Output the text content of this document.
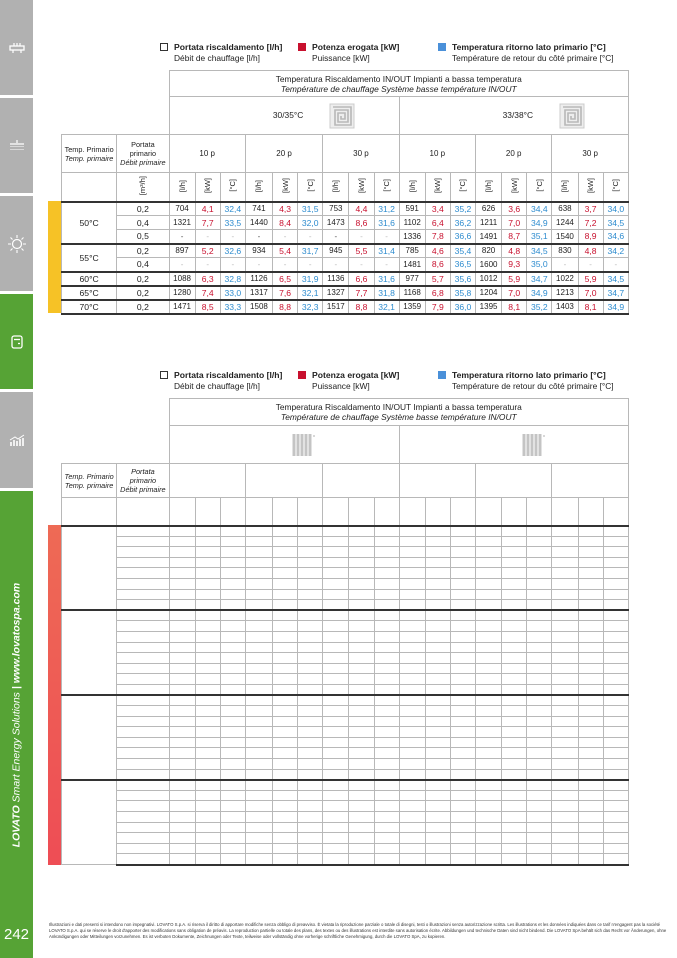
LOVATO Smart Energy Solutions | www.lovatospa.com
242
Portata riscaldamento [l/h]
Débit de chauffage [l/h]
Potenza erogata [kW]
Puissance [kW]
Temperatura ritorno lato primario [°C]
Température de retour du côté primaire [°C]
		Temperatura Riscaldamento IN/OUT Impianti a bassa temperatura
Température de chauffage Système basse température IN/OUT																	

		30/35°C									33/38°C								
Temp. Primario
Temp. primaire	Portata primario
Débit primaire	10 p			20 p			30 p			10 p			20 p			30 p		
	[m³/h]	[l/h]	[kW]	[°C]	[l/h]	[kW]	[°C]	[l/h]	[kW]	[°C]	[l/h]	[kW]	[°C]	[l/h]	[kW]	[°C]	[l/h]	[kW]	[°C]
50°C	0,2	704	4,1	32,4	741	4,3	31,5	753	4,4	31,2	591	3,4	35,2	626	3,6	34,4	638	3,7	34,0
	0,4	1321	7,7	33,5	1440	8,4	32,0	1473	8,6	31,6	1102	6,4	36,2	1211	7,0	34,9	1244	7,2	34,5
	0,5	-	-	-	-	-	-	-	-	-	1336	7,8	36,6	1491	8,7	35,1	1540	8,9	34,6
55°C	0,2	897	5,2	32,6	934	5,4	31,7	945	5,5	31,4	785	4,6	35,4	820	4,8	34,5	830	4,8	34,2
	0,4	-	-	-	-	-	-	-	-	-	1481	8,6	36,5	1600	9,3	35,0	-	-	-
60°C	0,2	1088	6,3	32,8	1126	6,5	31,9	1136	6,6	31,6	977	5,7	35,6	1012	5,9	34,7	1022	5,9	34,5
65°C	0,2	1280	7,4	33,0	1317	7,6	32,1	1327	7,7	31,8	1168	6,8	35,8	1204	7,0	34,9	1213	7,0	34,7
70°C	0,2	1471	8,5	33,3	1508	8,8	32,3	1517	8,8	32,1	1359	7,9	36,0	1395	8,1	35,2	1403	8,1	34,9
Portata riscaldamento [l/h]
Débit de chauffage [l/h]
Potenza erogata [kW]
Puissance [kW]
Temperatura ritorno lato primario [°C]
Température de retour du côté primaire [°C]
		Temperatura Riscaldamento IN/OUT Impianti a bassa temperatura
Température de chauffage Système basse température IN/OUT																	

Temp. Primario
Temp. primaire	Portata primario
Débit primaire																		

Illustrazioni e dati presenti si intendono non impegnativi. LOVATO S.p.A. si riserva il diritto di apportare modifiche senza obbligo di preavviso. È vietata la riproduzione parziale o totale di disegni, testi o illustrazioni senza autorizzazione scritta. Les illustrations et les données indiquées dans ce tarif n'engagent pas la société LOVATO S.p.A. qui se réserve le droit d'apporter des modifications sans obligation de préavis. La reproduction partielle ou totale des plans, des textes ou des illustrations est interdite sans autorisation écrite. Abbildungen und technische Daten sind nicht bindend. Die LOVATO SpA behält sich das Recht vor Änderungen, ohne Ankündigungen oder Mitteilungen vorzunehmen. Es ist verboten Dokumente, Zeichnungen oder Texte, teilweise oder vollständig ohne vorherige schriftliche Genehmigung, durch die LOVATO SpA, zu kopieren.
